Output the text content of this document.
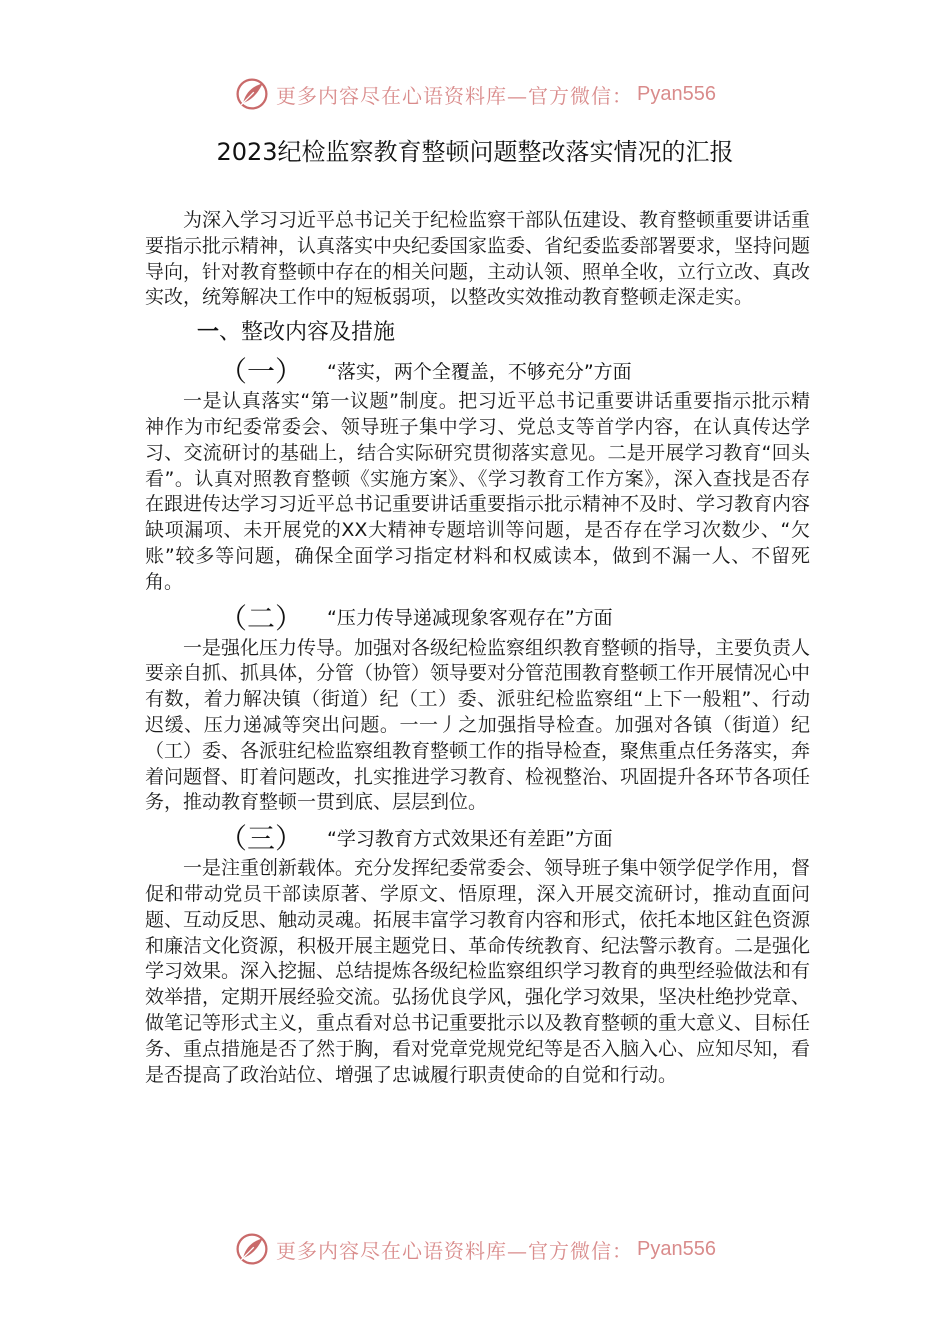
更多内容尽在心语资料库—官方微信： Pyan556
2023纪检监察教育整顿问题整改落实情况的汇报

为深入学习习近平总书记关于纪检监察干部队伍建设、教育整顿重要讲话重要指示批示精神，认真落实中央纪委国家监委、省纪委监委部署要求，坚持问题导向，针对教育整顿中存在的相关问题，主动认领、照单全收，立行立改、真改实改，统筹解决工作中的短板弱项，以整改实效推动教育整顿走深走实。

一、整改内容及措施
（一）	“落实，两个全覆盖，不够充分”方面

一是认真落实“第一议题”制度。把习近平总书记重要讲话重要指示批示精神作为市纪委常委会、领导班子集中学习、党总支等首学内容，在认真传达学习、交流研讨的基础上，结合实际研究贯彻落实意见。二是开展学习教育“回头看”。认真对照教育整顿《实施方案》、《学习教育工作方案》，深入查找是否存在跟进传达学习习近平总书记重要讲话重要指示批示精神不及时、学习教育内容缺项漏项、未开展党的XX大精神专题培训等问题，是否存在学习次数少、“欠账”较多等问题，确保全面学习指定材料和权威读本，做到不漏一人、不留死角。

（二）	“压力传导递减现象客观存在”方面

一是强化压力传导。加强对各级纪检监察组织教育整顿的指导，主要负责人要亲自抓、抓具体，分管（协管）领导要对分管范围教育整顿工作开展情况心中有数，着力解决镇（街道）纪（工）委、派驻纪检监察组“上下一般粗”、行动迟缓、压力递减等突出问题。一一丿之加强指导检查。加强对各镇（街道）纪（工）委、各派驻纪检监察组教育整顿工作的指导检查，聚焦重点任务落实，奔着问题督、盯着问题改，扎实推进学习教育、检视整治、巩固提升各环节各项任务，推动教育整顿一贯到底、层层到位。

（三）	“学习教育方式效果还有差距”方面

一是注重创新载体。充分发挥纪委常委会、领导班子集中领学促学作用，督促和带动党员干部读原著、学原文、悟原理，深入开展交流研讨，推动直面问题、互动反思、触动灵魂。拓展丰富学习教育内容和形式，依托本地区鉒色资源和廉洁文化资源，积极开展主题党日、革命传统教育、纪法警示教育。二是强化学习效果。深入挖掘、总结提炼各级纪检监察组织学习教育的典型经验做法和有效举措，定期开展经验交流。弘扬优良学风，强化学习效果，坚决杜绝抄党章、做笔记等形式主义，重点看对总书记重要批示以及教育整顿的重大意义、目标任务、重点措施是否了然于胸，看对党章党规党纪等是否入脑入心、应知尽知，看是否提高了政治站位、增强了忠诚履行职责使命的自觉和行动。

更多内容尽在心语资料库—官方微信： Pyan556
